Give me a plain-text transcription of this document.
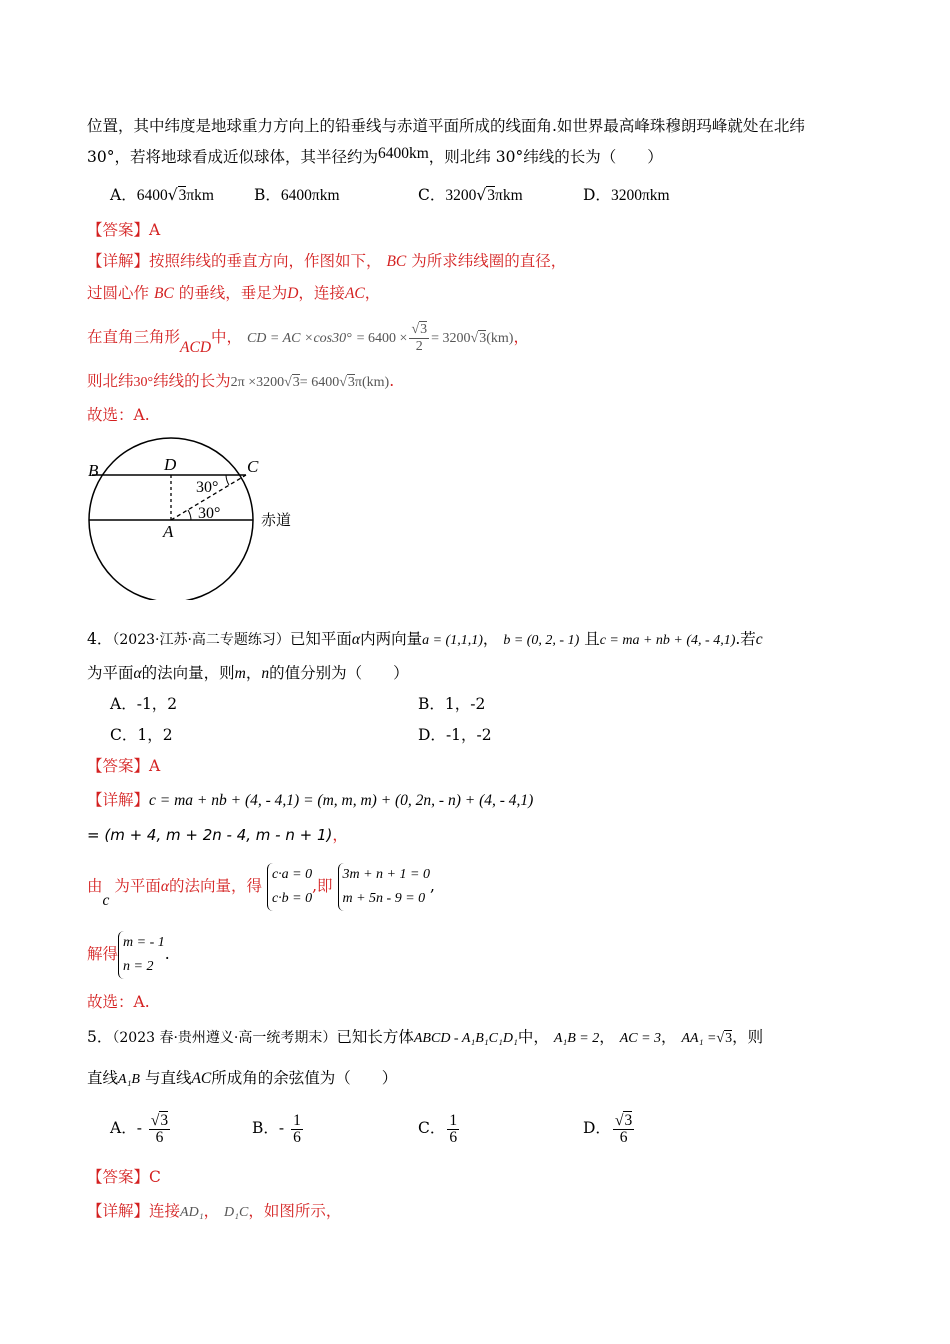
位置，其中纬度是地球重力方向上的铅垂线与赤道平面所成的线面角.如世界最高峰珠穆朗玛峰就处在北纬
30°，若将地球看成近似球体，其半径约为6400km，则北纬 30°纬线的长为（　　）
A．6400√3πkm	B．6400πkm	C．3200√3πkm	D．3200πkm
【答案】A
【详解】按照纬线的垂直方向，作图如下， BC 为所求纬线圈的直径，
过圆心作 BC 的垂线，垂足为D，连接AC，
在直角三角形ACD中， CD = AC $\times\cos 30^\circ = 6400 \times \frac{√3}{2} = 3200√3(km)$，
则北纬30°纬线的长为2π ×3200√3= 6400√3π(km).
故选：A.
B	D	C
A
30°
30°	赤道
4．（2023·江苏·高二专题练习）已知平面α内两向量a = (1,1,1)， b = (0, 2, - 1) 且c = ma + nb + (4, - 4,1).若c
为平面α的法向量，则m，n的值分别为（　　）
A．-1，2	B．1，-2
C．1，2	D．-1，-2
【答案】A
【详解】c = ma + nb + (4, - 4,1) = (m, m, m) + (0, 2n, - n) + (4, - 4,1)
= (m + 4, m + 2n - 4, m - n + 1)，
由c 为平面α的法向量，得
c·a = 0
c·b = 0
,即
3m + n + 1 = 0
m + 5n - 9 = 0
,
解得
m = - 1
n = 2
.
故选：A.
5．（2023 春·贵州遵义·高一统考期末）已知长方体ABCD - A₁B₁C₁D₁中， A₁B = 2， AC = 3， AA₁ =√3，则
直线A₁B 与直线AC所成角的余弦值为（　　）
A．- $\frac{√3}{6}$	B．- $\frac{1}{6}$	C． $\frac{1}{6}$	D． $\frac{√3}{6}$
【答案】C
【详解】连接AD₁， D₁C，如图所示，
